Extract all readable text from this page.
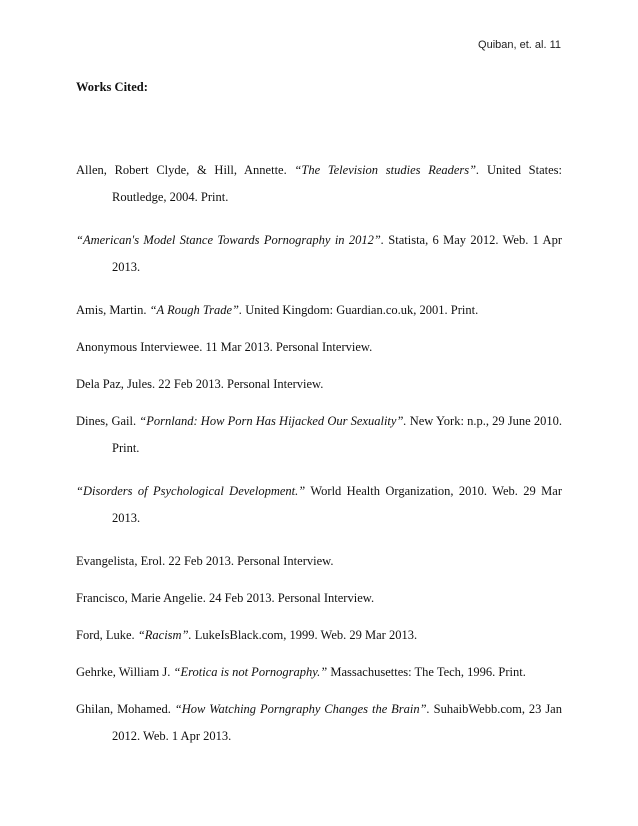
Quiban, et. al. 11
Works Cited:

Allen, Robert Clyde, & Hill, Annette. “The Television studies Readers”. United States: Routledge, 2004. Print.

“American's Model Stance Towards Pornography in 2012”. Statista, 6 May 2012. Web. 1 Apr 2013.

Amis, Martin. “A Rough Trade”. United Kingdom: Guardian.co.uk, 2001. Print.

Anonymous Interviewee. 11 Mar 2013. Personal Interview.

Dela Paz, Jules. 22 Feb 2013. Personal Interview.

Dines, Gail. “Pornland: How Porn Has Hijacked Our Sexuality”. New York: n.p., 29 June 2010. Print.

“Disorders of Psychological Development.” World Health Organization, 2010. Web. 29 Mar 2013.

Evangelista, Erol. 22 Feb 2013. Personal Interview.

Francisco, Marie Angelie. 24 Feb 2013. Personal Interview.

Ford, Luke. “Racism”. LukeIsBlack.com, 1999. Web. 29 Mar 2013.

Gehrke, William J. “Erotica is not Pornography.” Massachusettes: The Tech, 1996. Print.

Ghilan, Mohamed. “How Watching Porngraphy Changes the Brain”. SuhaibWebb.com, 23 Jan 2012. Web. 1 Apr 2013.
